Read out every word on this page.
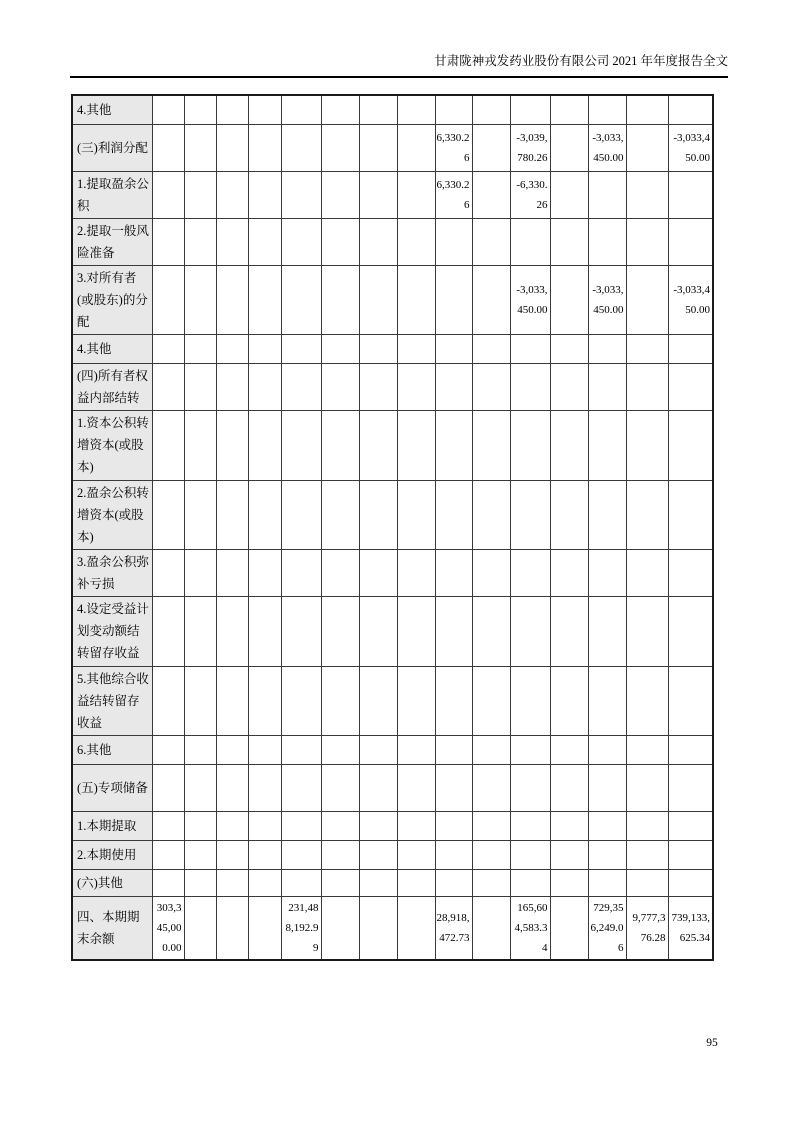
甘肃陇神戎发药业股份有限公司 2021 年年度报告全文
4.其他															
(三)利润分配									6,330.26		-3,039,780.26		-3,033,450.00		-3,033,450.00
1.提取盈余公积									6,330.26		-6,330.26				
2.提取一般风险准备															
3.对所有者(或股东)的分配											-3,033,450.00		-3,033,450.00		-3,033,450.00
4.其他															
(四)所有者权益内部结转															
1.资本公积转增资本(或股本)															
2.盈余公积转增资本(或股本)															
3.盈余公积弥补亏损															
4.设定受益计划变动额结转留存收益															
5.其他综合收益结转留存收益															
6.其他															
(五)专项储备															
1.本期提取															
2.本期使用															
(六)其他															
四、本期期末余额	303,345,000.00				231,488,192.99				28,918,472.73		165,604,583.34		729,356,249.06	9,777,376.28	739,133,625.34
95
